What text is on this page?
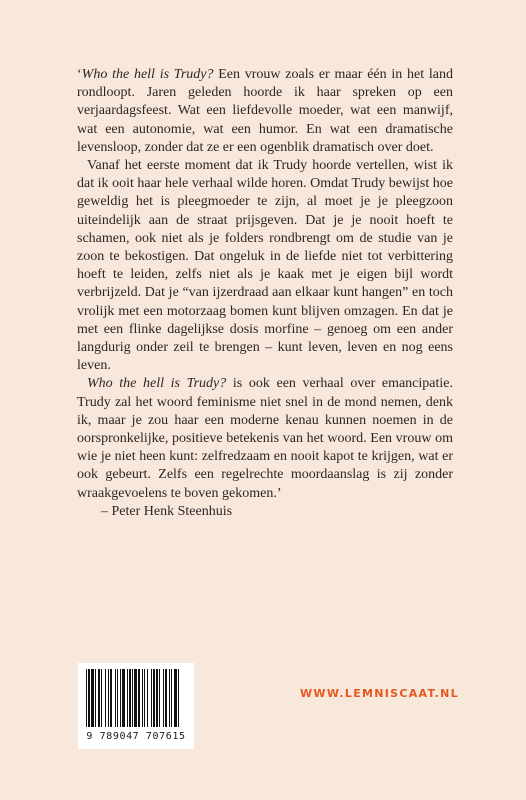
‘Who the hell is Trudy? Een vrouw zoals er maar één in het land rondloopt. Jaren geleden hoorde ik haar spreken op een verjaardagsfeest. Wat een liefdevolle moeder, wat een manwijf, wat een autonomie, wat een humor. En wat een dramatische levensloop, zonder dat ze er een ogenblik dramatisch over doet.

Vanaf het eerste moment dat ik Trudy hoorde vertellen, wist ik dat ik ooit haar hele verhaal wilde horen. Omdat Trudy bewijst hoe geweldig het is pleegmoeder te zijn, al moet je je pleegzoon uiteindelijk aan de straat prijsgeven. Dat je je nooit hoeft te schamen, ook niet als je folders rondbrengt om de studie van je zoon te bekostigen. Dat ongeluk in de liefde niet tot verbittering hoeft te leiden, zelfs niet als je kaak met je eigen bijl wordt verbrijzeld. Dat je “van ijzerdraad aan elkaar kunt hangen” en toch vrolijk met een motorzaag bomen kunt blijven omzagen. En dat je met een flinke dagelijkse dosis morfine – genoeg om een ander langdurig onder zeil te brengen – kunt leven, leven en nog eens leven.

Who the hell is Trudy? is ook een verhaal over emancipatie. Trudy zal het woord feminisme niet snel in de mond nemen, denk ik, maar je zou haar een moderne kenau kunnen noemen in de oorspronkelijke, positieve betekenis van het woord. Een vrouw om wie je niet heen kunt: zelfredzaam en nooit kapot te krijgen, wat er ook gebeurt. Zelfs een regelrechte moordaanslag is zij zonder wraakgevoelens te boven gekomen.’

– Peter Henk Steenhuis

9 789047 707615
WWW.LEMNISCAAT.NL
